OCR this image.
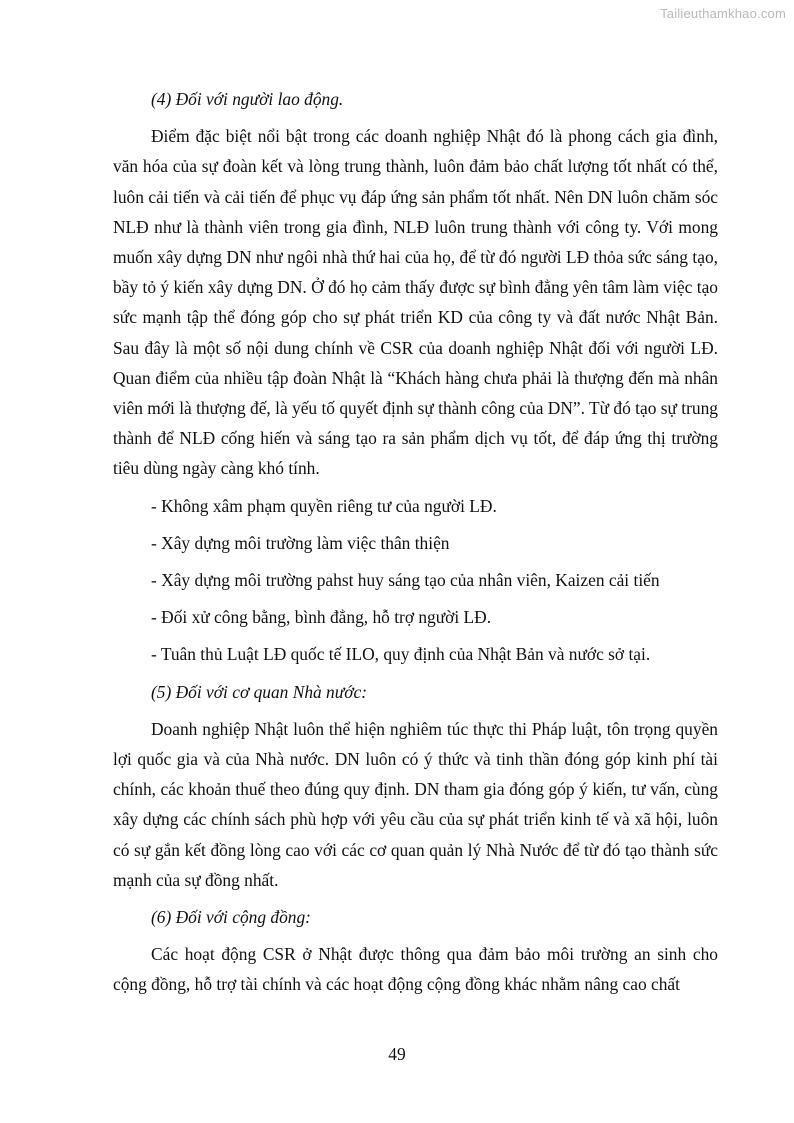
Tailieuthamkhao.com

(4) Đối với người lao động.

Điểm đặc biệt nổi bật trong các doanh nghiệp Nhật đó là phong cách gia đình, văn hóa của sự đoàn kết và lòng trung thành, luôn đảm bảo chất lượng tốt nhất có thể, luôn cải tiến và cải tiến để phục vụ đáp ứng sản phẩm tốt nhất. Nên DN luôn chăm sóc NLĐ như là thành viên trong gia đình, NLĐ luôn trung thành với công ty. Với mong muốn xây dựng DN như ngôi nhà thứ hai của họ, để từ đó người LĐ thỏa sức sáng tạo, bầy tỏ ý kiến xây dựng DN. Ở đó họ cảm thấy được sự bình đẳng yên tâm làm việc tạo sức mạnh tập thể đóng góp cho sự phát triển KD của công ty và đất nước Nhật Bản. Sau đây là một số nội dung chính về CSR của doanh nghiệp Nhật đối với người LĐ. Quan điểm của nhiều tập đoàn Nhật là “Khách hàng chưa phải là thượng đến mà nhân viên mới là thượng đế, là yếu tố quyết định sự thành công của DN”. Từ đó tạo sự trung thành để NLĐ cống hiến và sáng tạo ra sản phẩm dịch vụ tốt, để đáp ứng thị trường tiêu dùng ngày càng khó tính.

- Không xâm phạm quyền riêng tư của người LĐ.

- Xây dựng môi trường làm việc thân thiện

- Xây dựng môi trường pahst huy sáng tạo của nhân viên, Kaizen cải tiến

- Đối xử công bằng, bình đẳng, hỗ trợ người LĐ.

- Tuân thủ Luật LĐ quốc tế ILO, quy định của Nhật Bản và nước sở tại.

(5) Đối với cơ quan Nhà nước:

Doanh nghiệp Nhật luôn thể hiện nghiêm túc thực thi Pháp luật, tôn trọng quyền lợi quốc gia và của Nhà nước. DN luôn có ý thức và tinh thần đóng góp kinh phí tài chính, các khoản thuế theo đúng quy định. DN tham gia đóng góp ý kiến, tư vấn, cùng xây dựng các chính sách phù hợp với yêu cầu của sự phát triển kinh tế và xã hội, luôn có sự gắn kết đồng lòng cao với các cơ quan quản lý Nhà Nước để từ đó tạo thành sức mạnh của sự đồng nhất.

(6) Đối với cộng đồng:

Các hoạt động CSR ở Nhật được thông qua đảm bảo môi trường an sinh cho cộng đồng, hỗ trợ tài chính và các hoạt động cộng đồng khác nhằm nâng cao chất

49
